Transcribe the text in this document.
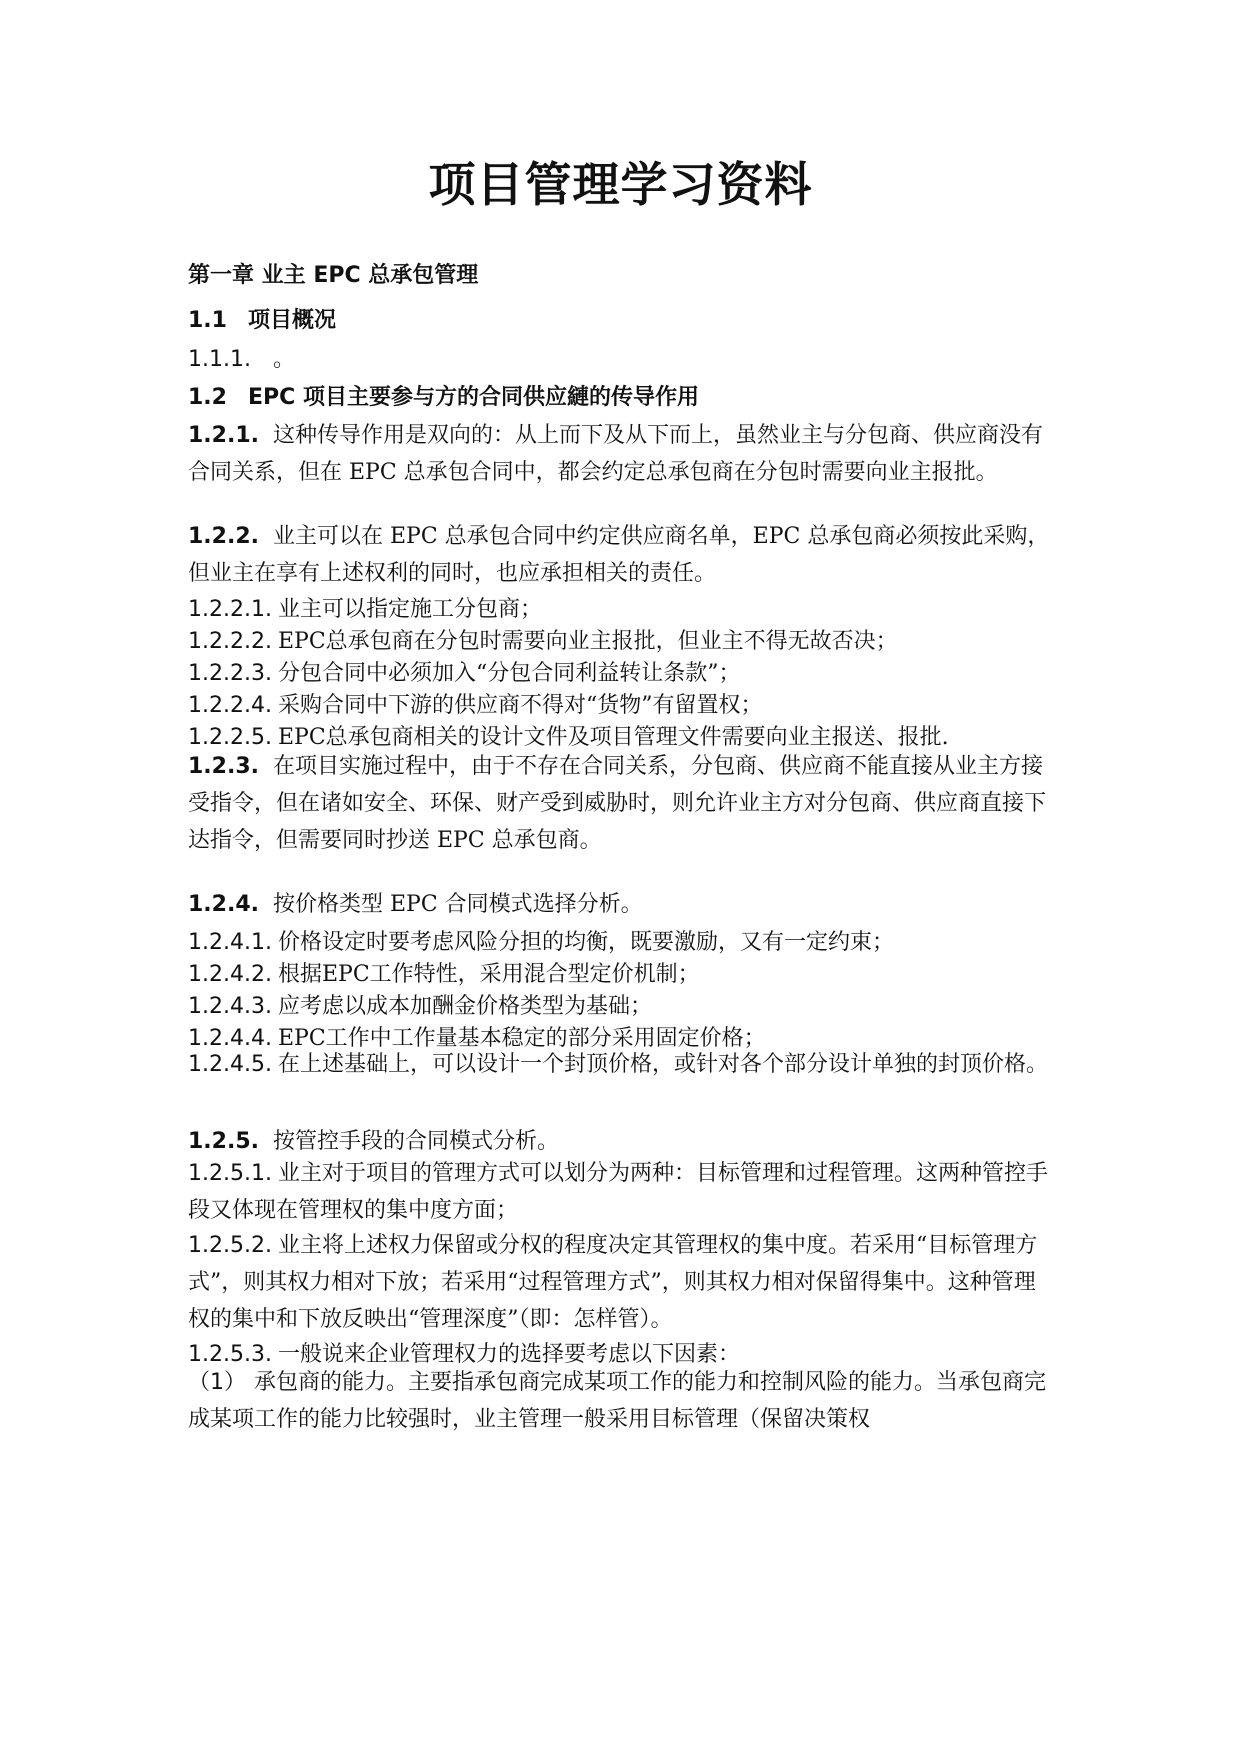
项目管理学习资料
第一章 业主 EPC 总承包管理
1.1 项目概况
1.1.1. 。
1.2 EPC 项目主要参与方的合同供应縺的传导作用
1.2.1. 这种传导作用是双向的：从上而下及从下而上，虽然业主与分包商、供应商没有合同关系，但在 EPC 总承包合同中，都会约定总承包商在分包时需要向业主报批。
1.2.2. 业主可以在 EPC 总承包合同中约定供应商名单，EPC 总承包商必须按此采购，但业主在享有上述权利的同时，也应承担相关的责任。
1.2.2.1. 业主可以指定施工分包商；
1.2.2.2. EPC总承包商在分包时需要向业主报批，但业主不得无故否决；
1.2.2.3. 分包合同中必须加入“分包合同利益转让条款”；
1.2.2.4. 采购合同中下游的供应商不得对“货物”有留置权；
1.2.2.5. EPC总承包商相关的设计文件及项目管理文件需要向业主报送、报批.
1.2.3. 在项目实施过程中，由于不存在合同关系，分包商、供应商不能直接从业主方接受指令，但在诸如安全、环保、财产受到威胁时，则允许业主方对分包商、供应商直接下达指令，但需要同时抄送 EPC 总承包商。
1.2.4. 按价格类型 EPC 合同模式选择分析。
1.2.4.1. 价格设定时要考虑风险分担的均衡，既要激励，又有一定约束；
1.2.4.2. 根据EPC工作特性，采用混合型定价机制；
1.2.4.3. 应考虑以成本加酬金价格类型为基础；
1.2.4.4. EPC工作中工作量基本稳定的部分采用固定价格；
1.2.4.5. 在上述基础上，可以设计一个封顶价格，或针对各个部分设计单独的封顶价格。
1.2.5. 按管控手段的合同模式分析。
1.2.5.1. 业主对于项目的管理方式可以划分为两种：目标管理和过程管理。这两种管控手段又体现在管理权的集中度方面；
1.2.5.2. 业主将上述权力保留或分权的程度决定其管理权的集中度。若采用“目标管理方式”，则其权力相对下放；若采用“过程管理方式”，则其权力相对保留得集中。这种管理权的集中和下放反映出“管理深度”（即：怎样管）。
1.2.5.3. 一般说来企业管理权力的选择要考虑以下因素：
（1） 承包商的能力。主要指承包商完成某项工作的能力和控制风险的能力。当承包商完成某项工作的能力比较强时，业主管理一般采用目标管理（保留决策权
